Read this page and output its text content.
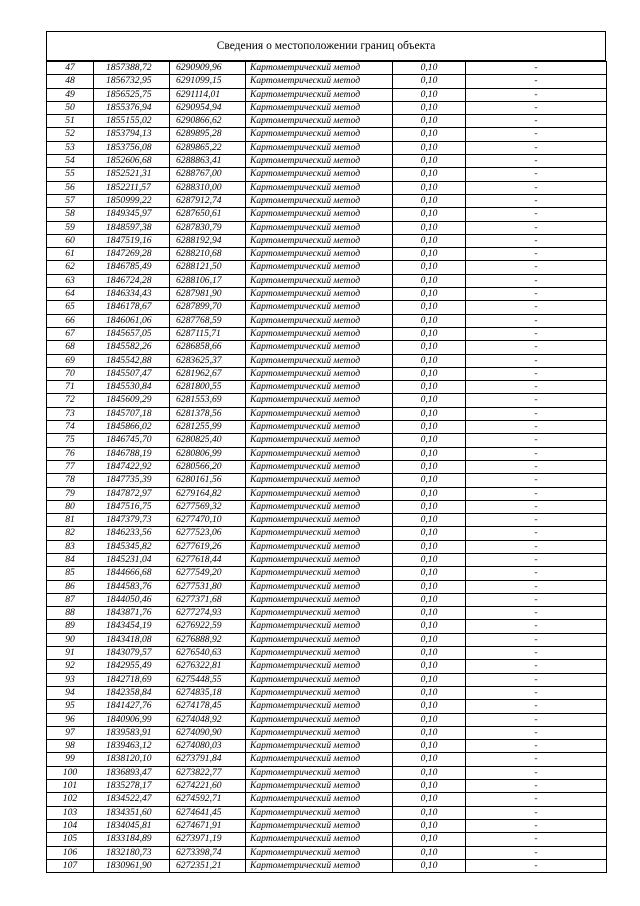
Сведения о местоположении границ объекта
47	1857388,72	6290909,96	Картометрический метод	0,10	-
48	1856732,95	6291099,15	Картометрический метод	0,10	-
49	1856525,75	6291114,01	Картометрический метод	0,10	-
50	1855376,94	6290954,94	Картометрический метод	0,10	-
51	1855155,02	6290866,62	Картометрический метод	0,10	-
52	1853794,13	6289895,28	Картометрический метод	0,10	-
53	1853756,08	6289865,22	Картометрический метод	0,10	-
54	1852606,68	6288863,41	Картометрический метод	0,10	-
55	1852521,31	6288767,00	Картометрический метод	0,10	-
56	1852211,57	6288310,00	Картометрический метод	0,10	-
57	1850999,22	6287912,74	Картометрический метод	0,10	-
58	1849345,97	6287650,61	Картометрический метод	0,10	-
59	1848597,38	6287830,79	Картометрический метод	0,10	-
60	1847519,16	6288192,94	Картометрический метод	0,10	-
61	1847269,28	6288210,68	Картометрический метод	0,10	-
62	1846785,49	6288121,50	Картометрический метод	0,10	-
63	1846724,28	6288106,17	Картометрический метод	0,10	-
64	1846334,43	6287981,90	Картометрический метод	0,10	-
65	1846178,67	6287899,70	Картометрический метод	0,10	-
66	1846061,06	6287768,59	Картометрический метод	0,10	-
67	1845657,05	6287115,71	Картометрический метод	0,10	-
68	1845582,26	6286858,66	Картометрический метод	0,10	-
69	1845542,88	6283625,37	Картометрический метод	0,10	-
70	1845507,47	6281962,67	Картометрический метод	0,10	-
71	1845530,84	6281800,55	Картометрический метод	0,10	-
72	1845609,29	6281553,69	Картометрический метод	0,10	-
73	1845707,18	6281378,56	Картометрический метод	0,10	-
74	1845866,02	6281255,99	Картометрический метод	0,10	-
75	1846745,70	6280825,40	Картометрический метод	0,10	-
76	1846788,19	6280806,99	Картометрический метод	0,10	-
77	1847422,92	6280566,20	Картометрический метод	0,10	-
78	1847735,39	6280161,56	Картометрический метод	0,10	-
79	1847872,97	6279164,82	Картометрический метод	0,10	-
80	1847516,75	6277569,32	Картометрический метод	0,10	-
81	1847379,73	6277470,10	Картометрический метод	0,10	-
82	1846233,56	6277523,06	Картометрический метод	0,10	-
83	1845345,82	6277619,26	Картометрический метод	0,10	-
84	1845231,04	6277618,44	Картометрический метод	0,10	-
85	1844666,68	6277549,20	Картометрический метод	0,10	-
86	1844583,76	6277531,80	Картометрический метод	0,10	-
87	1844050,46	6277371,68	Картометрический метод	0,10	-
88	1843871,76	6277274,93	Картометрический метод	0,10	-
89	1843454,19	6276922,59	Картометрический метод	0,10	-
90	1843418,08	6276888,92	Картометрический метод	0,10	-
91	1843079,57	6276540,63	Картометрический метод	0,10	-
92	1842955,49	6276322,81	Картометрический метод	0,10	-
93	1842718,69	6275448,55	Картометрический метод	0,10	-
94	1842358,84	6274835,18	Картометрический метод	0,10	-
95	1841427,76	6274178,45	Картометрический метод	0,10	-
96	1840906,99	6274048,92	Картометрический метод	0,10	-
97	1839583,91	6274090,90	Картометрический метод	0,10	-
98	1839463,12	6274080,03	Картометрический метод	0,10	-
99	1838120,10	6273791,84	Картометрический метод	0,10	-
100	1836893,47	6273822,77	Картометрический метод	0,10	-
101	1835278,17	6274221,60	Картометрический метод	0,10	-
102	1834522,47	6274592,71	Картометрический метод	0,10	-
103	1834351,60	6274641,45	Картометрический метод	0,10	-
104	1834045,81	6274671,91	Картометрический метод	0,10	-
105	1833184,89	6273971,19	Картометрический метод	0,10	-
106	1832180,73	6273398,74	Картометрический метод	0,10	-
107	1830961,90	6272351,21	Картометрический метод	0,10	-
